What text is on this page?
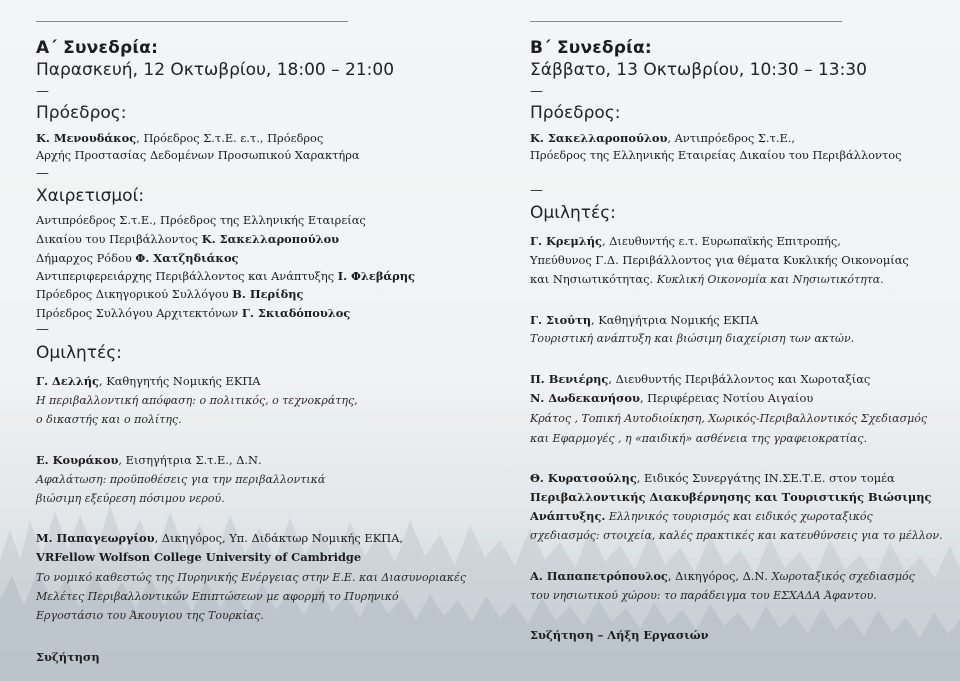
Α΄ Συνεδρία:
Παρασκευή, 12 Οκτωβρίου, 18:00 – 21:00
—
Πρόεδρος:
Κ. Μενουδάκος, Πρόεδρος Σ.τ.Ε. ε.τ., Πρόεδρος
Αρχής Προστασίας Δεδομένων Προσωπικού Χαρακτήρα
—
Χαιρετισμοί:
Αντιπρόεδρος Σ.τ.Ε., Πρόεδρος της Ελληνικής Εταιρείας
Δικαίου του Περιβάλλοντος Κ. Σακελλαροπούλου
Δήμαρχος Ρόδου Φ. Χατζηδιάκος
Αντιπεριφερειάρχης Περιβάλλοντος και Ανάπτυξης Ι. Φλεβάρης
Πρόεδρος Δικηγορικού Συλλόγου Β. Περίδης
Πρόεδρος Συλλόγου Αρχιτεκτόνων Γ. Σκιαδόπουλος
—
Ομιλητές:
Γ. Δελλής, Καθηγητής Νομικής ΕΚΠΑ
Η περιβαλλοντική απόφαση: ο πολιτικός, ο τεχνοκράτης,
ο δικαστής και ο πολίτης.
Ε. Κουράκου, Εισηγήτρια Σ.τ.Ε., Δ.Ν.
Αφαλάτωση: προϋποθέσεις για την περιβαλλοντικά
βιώσιμη εξεύρεση πόσιμου νερού.
Μ. Παπαγεωργίου, Δικηγόρος, Υπ. Διδάκτωρ Νομικής ΕΚΠΑ,
VRFellow Wolfson College University of Cambridge
Το νομικό καθεστώς της Πυρηνικής Ενέργειας στην Ε.Ε. και Διασυνοριακές
Μελέτες Περιβαλλοντικών Επιπτώσεων με αφορμή το Πυρηνικό
Εργοστάσιο του Άκουγιου της Τουρκίας.
Συζήτηση
Β΄ Συνεδρία:
Σάββατο, 13 Οκτωβρίου, 10:30 – 13:30
—
Πρόεδρος:
Κ. Σακελλαροπούλου, Αντιπρόεδρος Σ.τ.Ε.,
Πρόεδρος της Ελληνικής Εταιρείας Δικαίου του Περιβάλλοντος
—
Ομιλητές:
Γ. Κρεμλής, Διευθυντής ε.τ. Ευρωπαϊκής Επιτροπής,
Υπεύθυνος Γ.Δ. Περιβάλλοντος για θέματα Κυκλικής Οικονομίας
και Νησιωτικότητας. Κυκλική Οικονομία και Νησιωτικότητα.
Γ. Σιούτη, Καθηγήτρια Νομικής ΕΚΠΑ
Τουριστική ανάπτυξη και βιώσιμη διαχείριση των ακτών.
Π. Βενιέρης, Διευθυντής Περιβάλλοντος και Χωροταξίας
Ν. Δωδεκανήσου, Περιφέρειας Νοτίου Αιγαίου
Κράτος , Τοπική Αυτοδιοίκηση, Χωρικός-Περιβαλλοντικός Σχεδιασμός
και Εφαρμογές , η «παιδική» ασθένεια της γραφειοκρατίας.
Θ. Κυρατσούλης, Ειδικός Συνεργάτης ΙΝ.ΣΕ.Τ.Ε. στον τομέα
Περιβαλλοντικής Διακυβέρνησης και Τουριστικής Βιώσιμης
Ανάπτυξης. Ελληνικός τουρισμός και ειδικός χωροταξικός
σχεδιασμός: στοιχεία, καλές πρακτικές και κατευθύνσεις για το μέλλον.
Α. Παπαπετρόπουλος, Δικηγόρος, Δ.Ν. Χωροταξικός σχεδιασμός
του νησιωτικού χώρου: το παράδειγμα του ΕΣΧΑΔΑ Άφαντου.
Συζήτηση – Λήξη Εργασιών
